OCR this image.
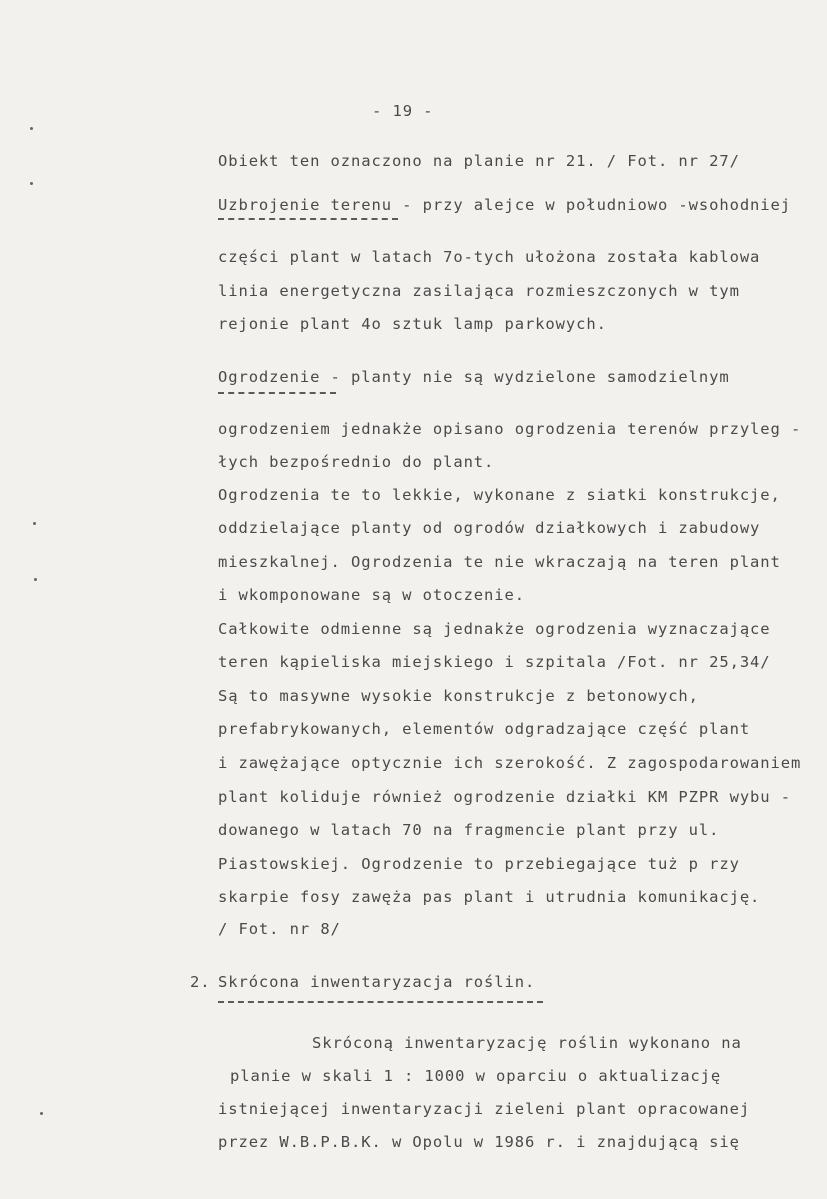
- 19 -
Obiekt ten oznaczono na planie nr 21. / Fot. nr 27/
Uzbrojenie terenu - przy alejce w południowo -wsohodniej
części plant w latach 7o-tych ułożona została kablowa
linia energetyczna zasilająca rozmieszczonych w tym
rejonie plant 4o sztuk lamp parkowych.
Ogrodzenie - planty nie są wydzielone samodzielnym
ogrodzeniem jednakże opisano ogrodzenia terenów przyleg -
łych bezpośrednio do plant.
Ogrodzenia te to lekkie, wykonane z siatki konstrukcje,
oddzielające planty od ogrodów działkowych i zabudowy
mieszkalnej. Ogrodzenia te nie wkraczają na teren plant
i wkomponowane są w otoczenie.
Całkowite odmienne są jednakże ogrodzenia wyznaczające
teren kąpieliska miejskiego i szpitala /Fot. nr 25,34/
Są to masywne wysokie konstrukcje z betonowych,
prefabrykowanych, elementów odgradzające część plant
i zawężające optycznie ich szerokość. Z zagospodarowaniem
plant koliduje również ogrodzenie działki KM PZPR wybu -
dowanego w latach 70 na fragmencie plant przy ul.
Piastowskiej. Ogrodzenie to przebiegające tuż p rzy
skarpie fosy zawęża pas plant i utrudnia komunikację.
/ Fot. nr 8/
2. Skrócona inwentaryzacja roślin.
Skróconą inwentaryzację roślin wykonano na
planie w skali 1 : 1000 w oparciu o aktualizację
istniejącej inwentaryzacji zieleni plant opracowanej
przez W.B.P.B.K. w Opolu w 1986 r. i znajdującą się
